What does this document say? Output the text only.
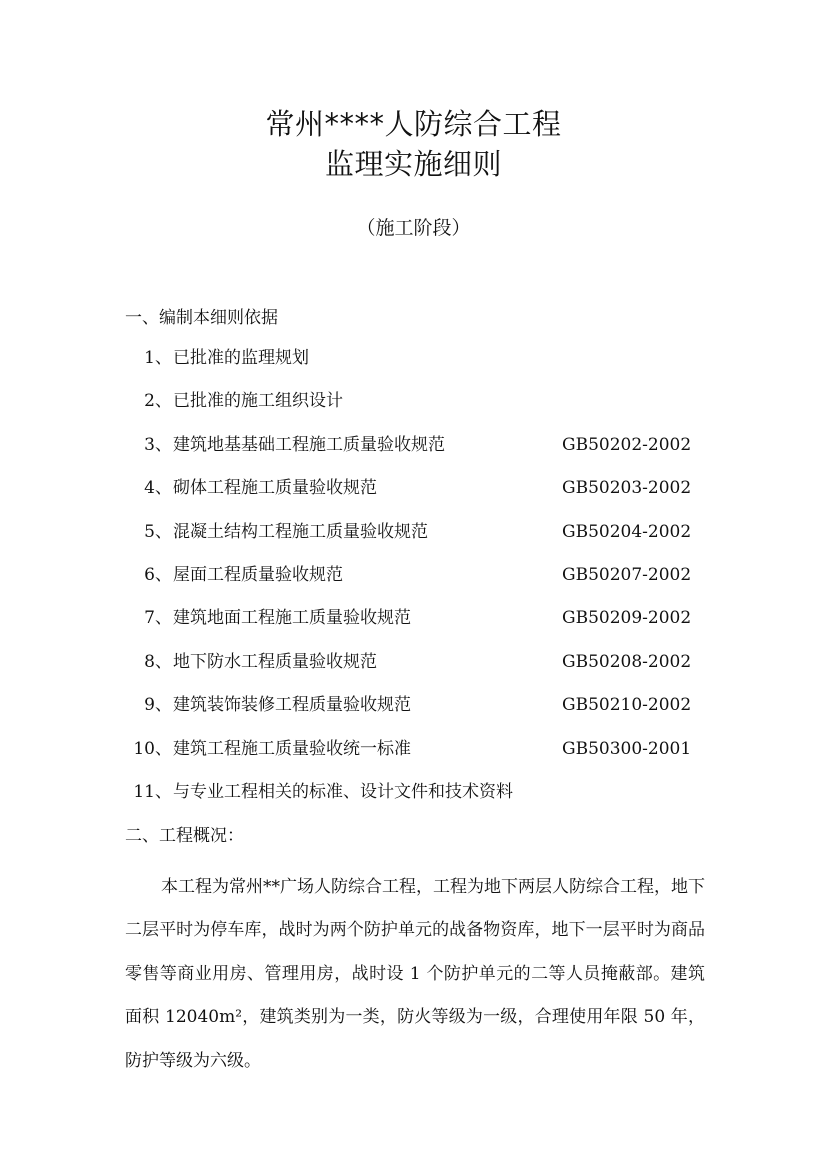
常州****人防综合工程
监理实施细则
（施工阶段）
一、编制本细则依据
1、 已批准的监理规划
2、 已批准的施工组织设计
3、 建筑地基基础工程施工质量验收规范	GB50202-2002
4、 砌体工程施工质量验收规范	GB50203-2002
5、 混凝土结构工程施工质量验收规范	GB50204-2002
6、 屋面工程质量验收规范	GB50207-2002
7、 建筑地面工程施工质量验收规范	GB50209-2002
8、 地下防水工程质量验收规范	GB50208-2002
9、 建筑装饰装修工程质量验收规范	GB50210-2002
10、 建筑工程施工质量验收统一标准	GB50300-2001
11、 与专业工程相关的标准、设计文件和技术资料
二、工程概况：

本工程为常州**广场人防综合工程，工程为地下两层人防综合工程，地下二层平时为停车库，战时为两个防护单元的战备物资库，地下一层平时为商品零售等商业用房、管理用房，战时设 1 个防护单元的二等人员掩蔽部。建筑面积 12040m²，建筑类别为一类，防火等级为一级，合理使用年限 50 年，防护等级为六级。
